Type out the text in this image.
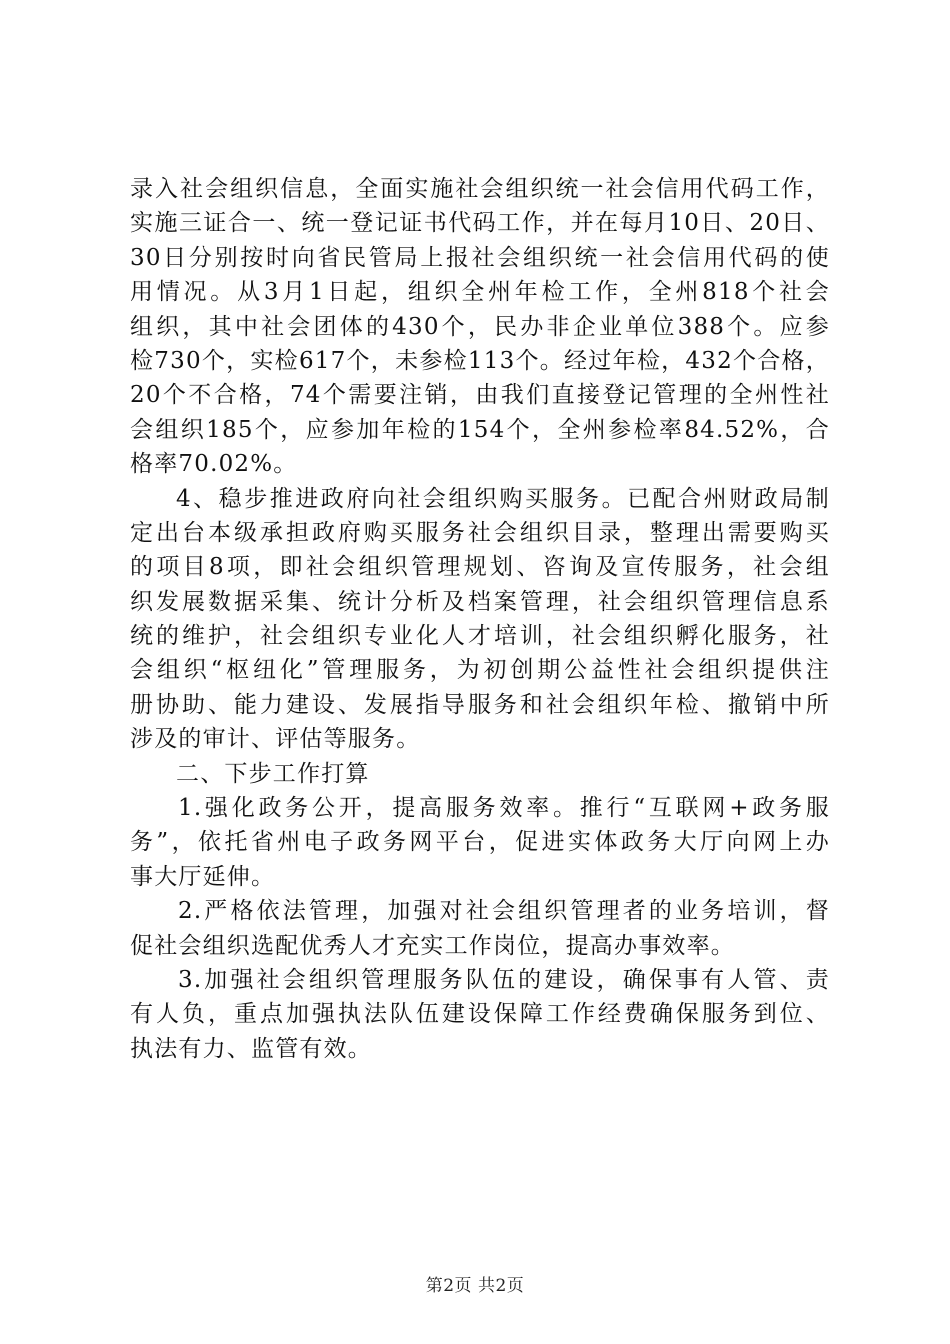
录入社会组织信息，全面实施社会组织统一社会信用代码工作，
实施三证合一、统一登记证书代码工作，并在每月10日、20日、
30日分别按时向省民管局上报社会组织统一社会信用代码的使
用情况。从3月1日起，组织全州年检工作，全州818个社会
组织，其中社会团体的430个，民办非企业单位388个。应参
检730个，实检617个，未参检113个。经过年检，432个合格，
20个不合格，74个需要注销，由我们直接登记管理的全州性社
会组织185个，应参加年检的154个，全州参检率84.52%，合
格率70.02%。
4、稳步推进政府向社会组织购买服务。已配合州财政局制
定出台本级承担政府购买服务社会组织目录，整理出需要购买
的项目8项，即社会组织管理规划、咨询及宣传服务，社会组
织发展数据采集、统计分析及档案管理，社会组织管理信息系
统的维护，社会组织专业化人才培训，社会组织孵化服务，社
会组织“枢纽化”管理服务，为初创期公益性社会组织提供注
册协助、能力建设、发展指导服务和社会组织年检、撤销中所
涉及的审计、评估等服务。
二、下步工作打算
1.强化政务公开，提高服务效率。推行“互联网+政务服
务”，依托省州电子政务网平台，促进实体政务大厅向网上办
事大厅延伸。
2.严格依法管理，加强对社会组织管理者的业务培训，督
促社会组织选配优秀人才充实工作岗位，提高办事效率。
3.加强社会组织管理服务队伍的建设，确保事有人管、责
有人负，重点加强执法队伍建设保障工作经费确保服务到位、
执法有力、监管有效。
第2页 共2页
